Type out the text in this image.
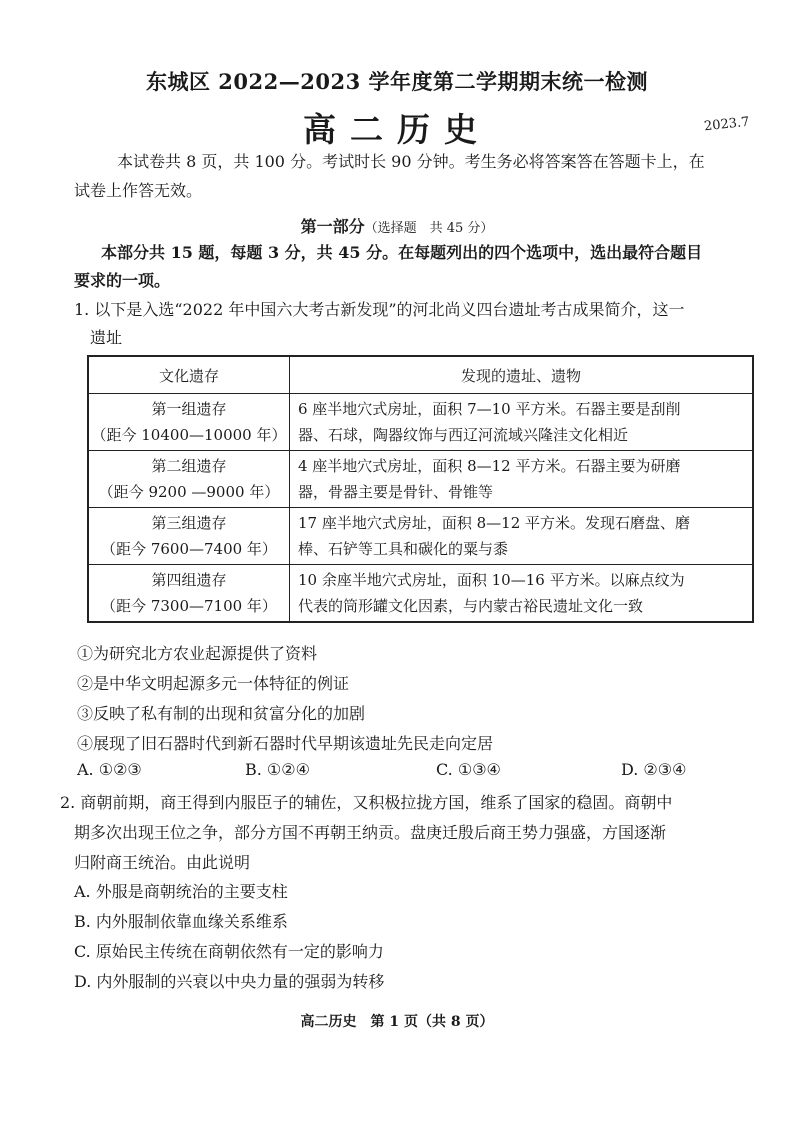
东城区 2022—2023 学年度第二学期期末统一检测
高二历史	2023.7
本试卷共 8 页，共 100 分。考试时长 90 分钟。考生务必将答案答在答题卡上，在
试卷上作答无效。
第一部分（选择题　共 45 分）
本部分共 15 题，每题 3 分，共 45 分。在每题列出的四个选项中，选出最符合题目
要求的一项。
1. 以下是入选“2022 年中国六大考古新发现”的河北尚义四台遗址考古成果简介，这一
遗址
文化遗存	发现的遗址、遗物

第一组遗存
（距今 10400—10000 年）	6 座半地穴式房址，面积 7—10 平方米。石器主要是刮削
器、石球，陶器纹饰与西辽河流域兴隆洼文化相近

第二组遗存
（距今 9200 —9000 年）	4 座半地穴式房址，面积 8—12 平方米。石器主要为研磨
器，骨器主要是骨针、骨锥等

第三组遗存
（距今 7600—7400 年）	17 座半地穴式房址，面积 8—12 平方米。发现石磨盘、磨
棒、石铲等工具和碳化的粟与黍

第四组遗存
（距今 7300—7100 年）	10 余座半地穴式房址，面积 10—16 平方米。以麻点纹为
代表的筒形罐文化因素，与内蒙古裕民遗址文化一致
①为研究北方农业起源提供了资料
②是中华文明起源多元一体特征的例证
③反映了私有制的出现和贫富分化的加剧
④展现了旧石器时代到新石器时代早期该遗址先民走向定居
A. ①②③	B. ①②④	C. ①③④	D. ②③④
2. 商朝前期，商王得到内服臣子的辅佐，又积极拉拢方国，维系了国家的稳固。商朝中
期多次出现王位之争，部分方国不再朝王纳贡。盘庚迁殷后商王势力强盛，方国逐渐
归附商王统治。由此说明
A. 外服是商朝统治的主要支柱
B. 内外服制依靠血缘关系维系
C. 原始民主传统在商朝依然有一定的影响力
D. 内外服制的兴衰以中央力量的强弱为转移
高二历史　第 1 页（共 8 页）
